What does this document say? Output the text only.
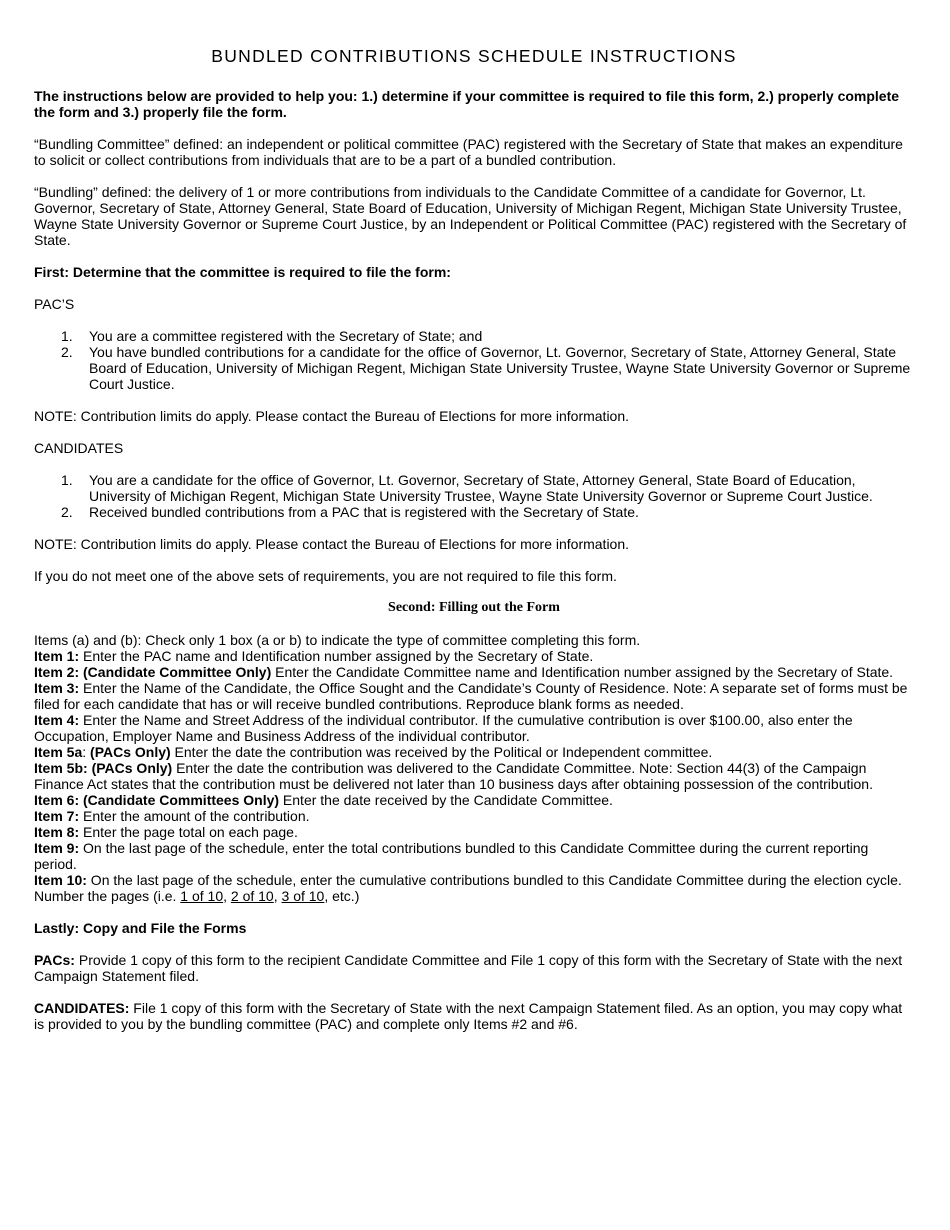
BUNDLED CONTRIBUTIONS SCHEDULE INSTRUCTIONS

The instructions below are provided to help you: 1.) determine if your committee is required to file this form, 2.) properly complete the form and 3.) properly file the form.

“Bundling Committee” defined: an independent or political committee (PAC) registered with the Secretary of State that makes an expenditure to solicit or collect contributions from individuals that are to be a part of a bundled contribution.

“Bundling” defined: the delivery of 1 or more contributions from individuals to the Candidate Committee of a candidate for Governor, Lt. Governor, Secretary of State, Attorney General, State Board of Education, University of Michigan Regent, Michigan State University Trustee, Wayne State University Governor or Supreme Court Justice, by an Independent or Political Committee (PAC) registered with the Secretary of State.

First: Determine that the committee is required to file the form:

PAC’S

1. You are a committee registered with the Secretary of State; and
2. You have bundled contributions for a candidate for the office of Governor, Lt. Governor, Secretary of State, Attorney General, State Board of Education, University of Michigan Regent, Michigan State University Trustee, Wayne State University Governor or Supreme Court Justice.

NOTE: Contribution limits do apply. Please contact the Bureau of Elections for more information.

CANDIDATES

1. You are a candidate for the office of Governor, Lt. Governor, Secretary of State, Attorney General, State Board of Education, University of Michigan Regent, Michigan State University Trustee, Wayne State University Governor or Supreme Court Justice.
2. Received bundled contributions from a PAC that is registered with the Secretary of State.

NOTE: Contribution limits do apply. Please contact the Bureau of Elections for more information.

If you do not meet one of the above sets of requirements, you are not required to file this form.

Second: Filling out the Form

Items (a) and (b): Check only 1 box (a or b) to indicate the type of committee completing this form.

Item 1: Enter the PAC name and Identification number assigned by the Secretary of State.

Item 2: (Candidate Committee Only) Enter the Candidate Committee name and Identification number assigned by the Secretary of State.

Item 3: Enter the Name of the Candidate, the Office Sought and the Candidate’s County of Residence. Note: A separate set of forms must be filed for each candidate that has or will receive bundled contributions. Reproduce blank forms as needed.

Item 4: Enter the Name and Street Address of the individual contributor. If the cumulative contribution is over $100.00, also enter the Occupation, Employer Name and Business Address of the individual contributor.

Item 5a: (PACs Only) Enter the date the contribution was received by the Political or Independent committee.

Item 5b: (PACs Only) Enter the date the contribution was delivered to the Candidate Committee. Note: Section 44(3) of the Campaign Finance Act states that the contribution must be delivered not later than 10 business days after obtaining possession of the contribution.

Item 6: (Candidate Committees Only) Enter the date received by the Candidate Committee.

Item 7: Enter the amount of the contribution.

Item 8: Enter the page total on each page.

Item 9: On the last page of the schedule, enter the total contributions bundled to this Candidate Committee during the current reporting period.

Item 10: On the last page of the schedule, enter the cumulative contributions bundled to this Candidate Committee during the election cycle.

Number the pages (i.e. 1 of 10, 2 of 10, 3 of 10, etc.)

Lastly: Copy and File the Forms

PACs: Provide 1 copy of this form to the recipient Candidate Committee and File 1 copy of this form with the Secretary of State with the next Campaign Statement filed.

CANDIDATES: File 1 copy of this form with the Secretary of State with the next Campaign Statement filed. As an option, you may copy what is provided to you by the bundling committee (PAC) and complete only Items #2 and #6.
